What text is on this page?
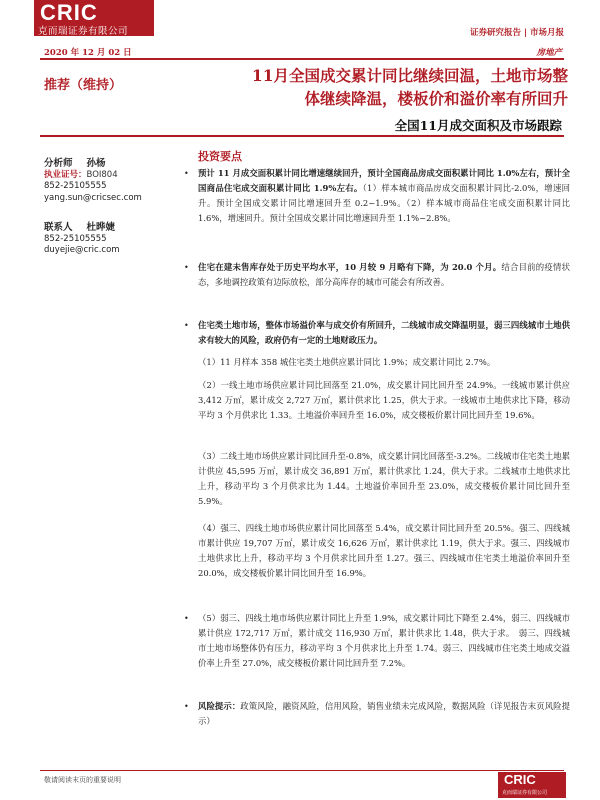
CRIC
克而瑞证券有限公司	证券研究报告 | 市场月报
2020 年 12 月 02 日	房地产
推荐（维持）
11月全国成交累计同比继续回温，土地市场整
体继续降温，楼板价和溢价率有所回升
全国11月成交面积及市场跟踪
分析师 孙杨
执业证号：BOI804
852-25105555
yang.sun@cricsec.com
联系人 杜晔婕
852-25105555
duyejie@cric.com
投资要点
• 预计 11 月成交面积累计同比增速继续回升，预计全国商品房成交面积累计同比 1.0%左右，预计全国商品住宅成交面积累计同比 1.9%左右。（1）样本城市商品房成交面积累计同比-2.0%，增速回升。预计全国成交累计同比增速回升至 0.2~1.9%。（2）样本城市商品住宅成交面积累计同比 1.6%，增速回升。预计全国成交累计同比增速回升至 1.1%~2.8%。
• 住宅在建未售库存处于历史平均水平，10 月较 9 月略有下降，为 20.0 个月。结合目前的疫情状态，多地调控政策有边际放松，部分高库存的城市可能会有所改善。
• 住宅类土地市场，整体市场溢价率与成交价有所回升，二线城市成交降温明显，弱三四线城市土地供求有较大的风险，政府仍有一定的土地财政压力。
（1）11 月样本 358 城住宅类土地供应累计同比 1.9%；成交累计同比 2.7%。
（2）一线土地市场供应累计同比回落至 21.0%，成交累计同比回升至 24.9%。一线城市累计供应 3,412 万㎡，累计成交 2,727 万㎡，累计供求比 1.25，供大于求。一线城市土地供求比下降，移动平均 3 个月供求比 1.33。土地溢价率回升至 16.0%，成交楼板价累计同比回升至 19.6%。
（3）二线土地市场供应累计同比回升至-0.8%，成交累计同比回落至-3.2%。二线城市住宅类土地累计供应 45,595 万㎡，累计成交 36,891 万㎡，累计供求比 1.24，供大于求。二线城市土地供求比上升，移动平均 3 个月供求比为 1.44。土地溢价率回升至 23.0%，成交楼板价累计同比回升至 5.9%。
（4）强三、四线土地市场供应累计同比回落至 5.4%，成交累计同比回升至 20.5%。强三、四线城市累计供应 19,707 万㎡，累计成交 16,626 万㎡，累计供求比 1.19，供大于求。强三、四线城市土地供求比上升，移动平均 3 个月供求比回升至 1.27。强三、四线城市住宅类土地溢价率回升至 20.0%，成交楼板价累计同比回升至 16.9%。
• （5）弱三、四线土地市场供应累计同比上升至 1.9%，成交累计同比下降至 2.4%，弱三、四线城市累计供应 172,717 万㎡，累计成交 116,930 万㎡，累计供求比 1.48，供大于求。　弱三、四线城市土地市场整体仍有压力，移动平均 3 个月供求比上升至 1.74。弱三、四线城市住宅类土地成交溢价率上升至 27.0%，成交楼板价累计同比回升至 7.2%。
• 风险提示：政策风险，融资风险，信用风险，销售业绩未完成风险，数据风险（详见报告末页风险提示）
敬请阅读末页的重要说明	CRIC
克而瑞证券有限公司
